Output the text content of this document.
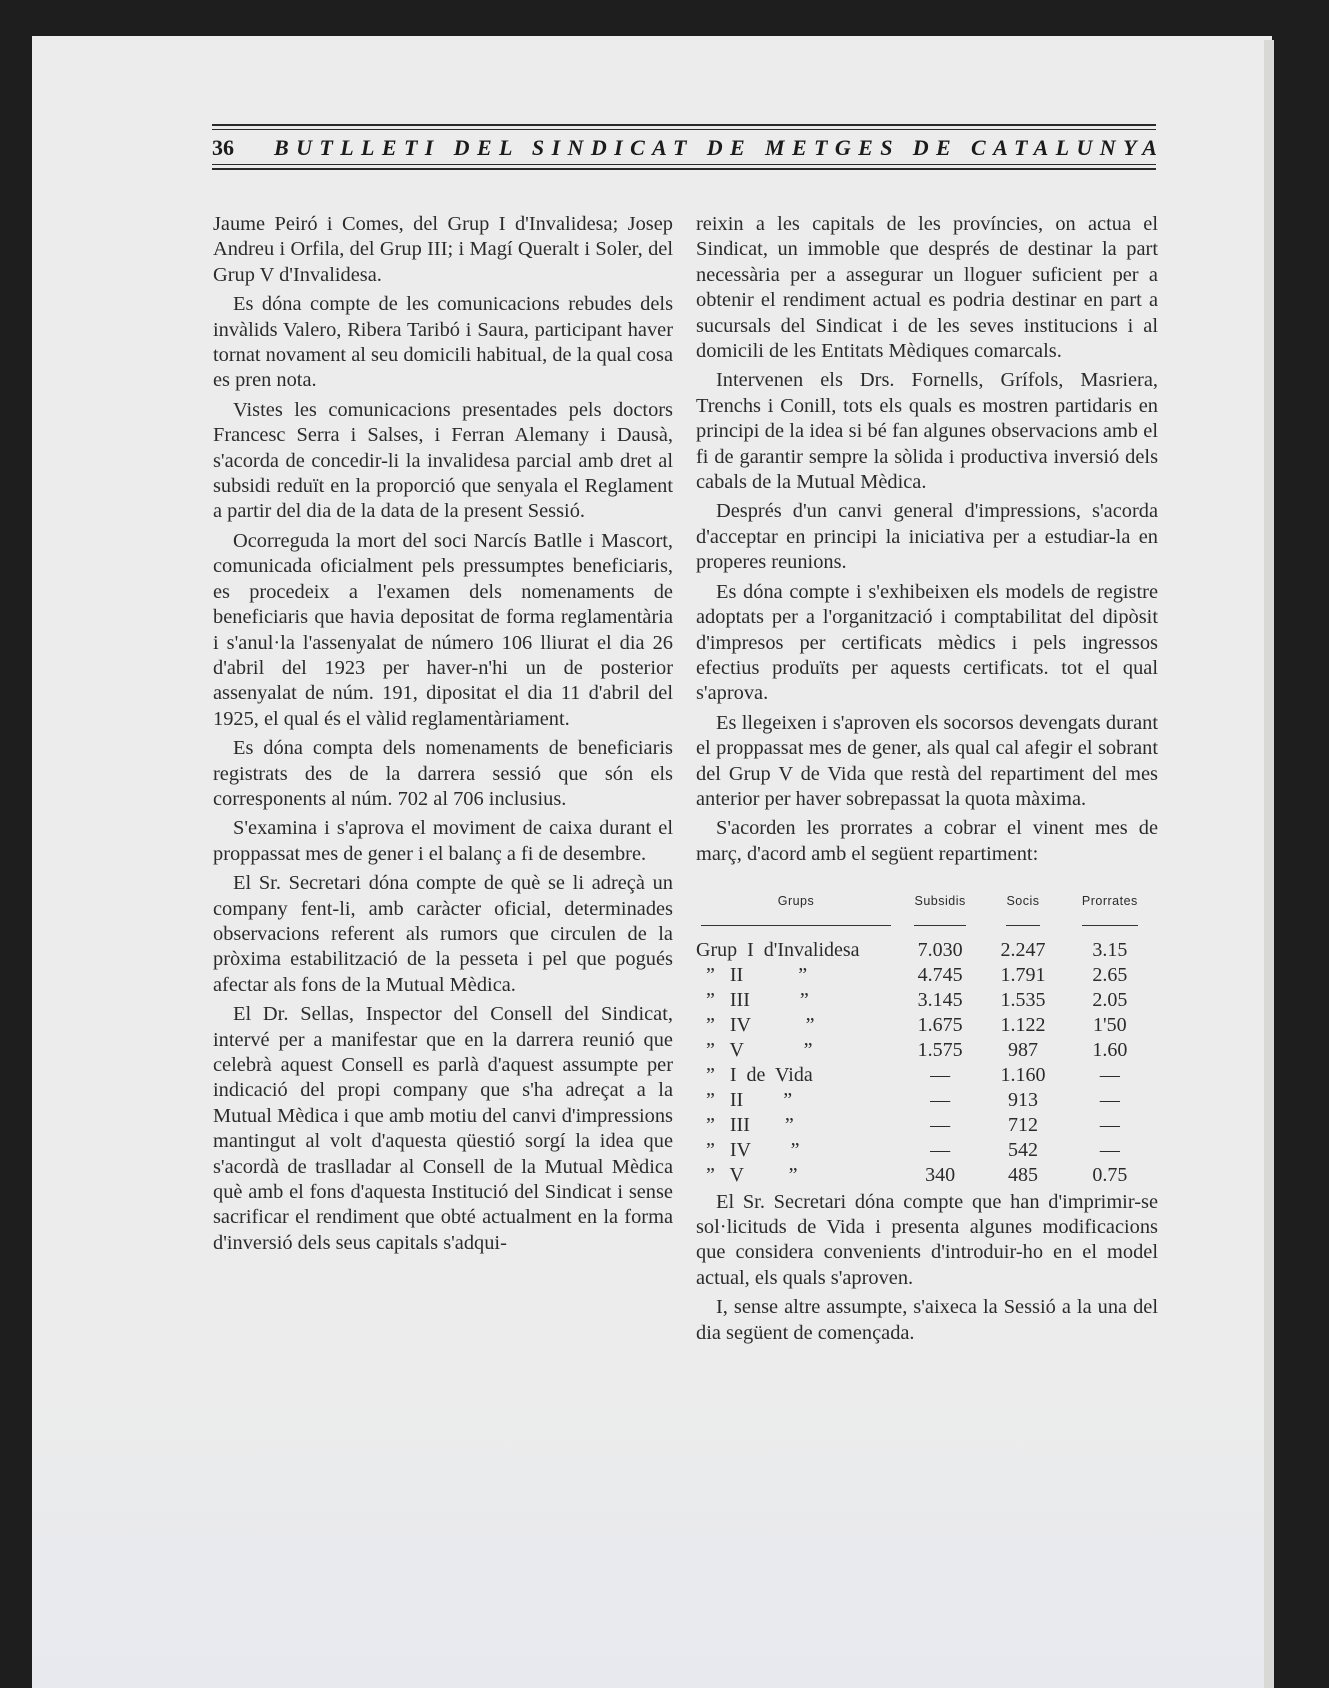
36 BUTLLETI DEL SINDICAT DE METGES DE CATALUNYA

Jaume Peiró i Comes, del Grup I d'Invalidesa; Josep Andreu i Orfila, del Grup III; i Magí Queralt i Soler, del Grup V d'Invalidesa.

Es dóna compte de les comunicacions rebudes dels invàlids Valero, Ribera Taribó i Saura, participant haver tornat novament al seu domicili habitual, de la qual cosa es pren nota.

Vistes les comunicacions presentades pels doctors Francesc Serra i Salses, i Ferran Alemany i Dausà, s'acorda de concedir-li la invalidesa parcial amb dret al subsidi reduït en la proporció que senyala el Reglament a partir del dia de la data de la present Sessió.

Ocorreguda la mort del soci Narcís Batlle i Mascort, comunicada oficialment pels pressumptes beneficiaris, es procedeix a l'examen dels nomenaments de beneficiaris que havia depositat de forma reglamentària i s'anul·la l'assenyalat de número 106 lliurat el dia 26 d'abril del 1923 per haver-n'hi un de posterior assenyalat de núm. 191, dipositat el dia 11 d'abril del 1925, el qual és el vàlid reglamentàriament.

Es dóna compta dels nomenaments de beneficiaris registrats des de la darrera sessió que són els corresponents al núm. 702 al 706 inclusius.

S'examina i s'aprova el moviment de caixa durant el proppassat mes de gener i el balanç a fi de desembre.

El Sr. Secretari dóna compte de què se li adreçà un company fent-li, amb caràcter oficial, determinades observacions referent als rumors que circulen de la pròxima estabilització de la pesseta i pel que pogués afectar als fons de la Mutual Mèdica.

El Dr. Sellas, Inspector del Consell del Sindicat, intervé per a manifestar que en la darrera reunió que celebrà aquest Consell es parlà d'aquest assumpte per indicació del propi company que s'ha adreçat a la Mutual Mèdica i que amb motiu del canvi d'impressions mantingut al volt d'aquesta qüestió sorgí la idea que s'acordà de traslladar al Consell de la Mutual Mèdica què amb el fons d'aquesta Institució del Sindicat i sense sacrificar el rendiment que obté actualment en la forma d'inversió dels seus capitals s'adqui-

reixin a les capitals de les províncies, on actua el Sindicat, un immoble que després de destinar la part necessària per a assegurar un lloguer suficient per a obtenir el rendiment actual es podria destinar en part a sucursals del Sindicat i de les seves institucions i al domicili de les Entitats Mèdiques comarcals.

Intervenen els Drs. Fornells, Grífols, Masriera, Trenchs i Conill, tots els quals es mostren partidaris en principi de la idea si bé fan algunes observacions amb el fi de garantir sempre la sòlida i productiva inversió dels cabals de la Mutual Mèdica.

Després d'un canvi general d'impressions, s'acorda d'acceptar en principi la iniciativa per a estudiar-la en properes reunions.

Es dóna compte i s'exhibeixen els models de registre adoptats per a l'organització i comptabilitat del dipòsit d'impresos per certificats mèdics i pels ingressos efectius produïts per aquests certificats. tot el qual s'aprova.

Es llegeixen i s'aproven els socorsos devengats durant el proppassat mes de gener, als qual cal afegir el sobrant del Grup V de Vida que restà del repartiment del mes anterior per haver sobrepassat la quota màxima.

S'acorden les prorrates a cobrar el vinent mes de març, d'acord amb el següent repartiment:

Grups	Subsidis	Socis	Prorrates
Grup  I  d'Invalidesa	7.030	2.247	3.15
”   II           ”	4.745	1.791	2.65
”   III          ”	3.145	1.535	2.05
”   IV           ”	1.675	1.122	1'50
”   V            ”	1.575	987	1.60
”   I  de  Vida	—	1.160	—
”   II        ”	—	913	—
”   III       ”	—	712	—
”   IV        ”	—	542	—
”   V         ”	340	485	0.75

El Sr. Secretari dóna compte que han d'imprimir-se sol·licituds de Vida i presenta algunes modificacions que considera convenients d'introduir-ho en el model actual, els quals s'aproven.

I, sense altre assumpte, s'aixeca la Sessió a la una del dia següent de començada.
